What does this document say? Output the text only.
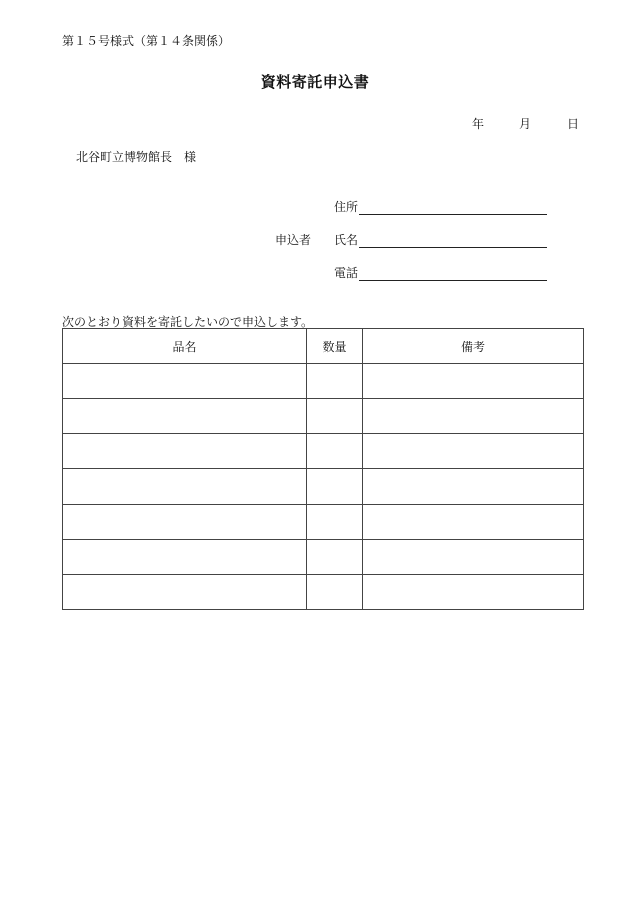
第１５号様式（第１４条関係）
資料寄託申込書
年	月	日
北谷町立博物館長　様
申込者
住所
氏名
電話
次のとおり資料を寄託したいので申込します。
品名	数量	備考
